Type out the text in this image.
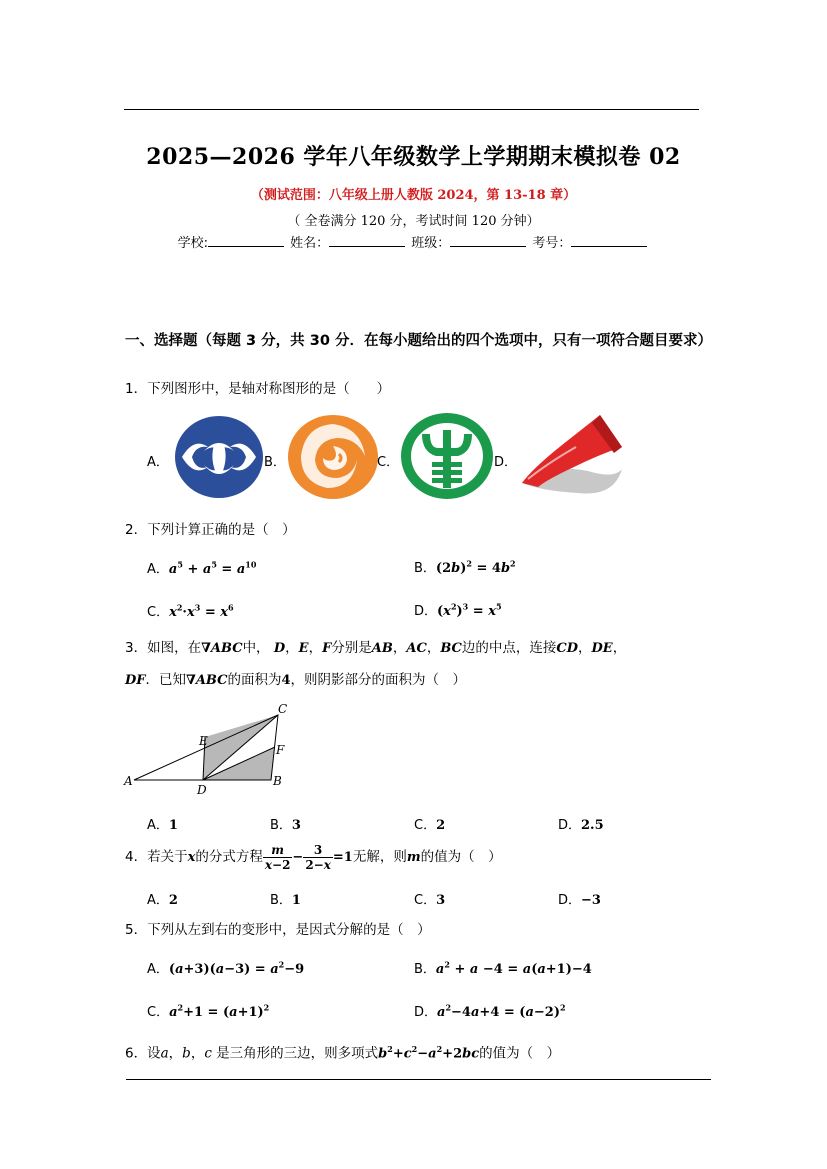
2025—2026 学年八年级数学上学期期末模拟卷 02
（测试范围：八年级上册人教版 2024，第 13-18 章）
（ 全卷满分 120 分，考试时间 120 分钟）
学校:	姓名：	班级：	考号：
一、选择题（每题 3 分，共 30 分．在每小题给出的四个选项中，只有一项符合题目要求）
1．下列图形中，是轴对称图形的是（　　）
A．	B．	C．	D．
2．下列计算正确的是（　）
A．$a^5 + a^5 = a^{10}$	B．$(2b)^2 = 4b^2$
C．$x^2\cdot x^3 = x^6$	D．$(x^2)^3 = x^5$
3．如图，在∇ABC中， D，E，F分别是AB，AC，BC边的中点，连接CD，DE，
DF．已知∇ABC的面积为4，则阴影部分的面积为（　）
A	B
C
D
E
F
A．1	B．3	C．2	D．2.5
4．若关于x的分式方程 $\frac{m}{x-2} - \frac{3}{2-x} =1$无解，则m的值为（　）
A．2	B．1	C．3	D．−3
5．下列从左到右的变形中，是因式分解的是（　）
A．$(a+3)(a-3) = a^2-9$	B．$a^2 + a -4 = a(a+1)-4$
C．$a^2+1 = (a+1)^2$	D．$a^2-4a+4 = (a-2)^2$
6．设a，b，c 是三角形的三边，则多项式$b^2+c^2-a^2+2bc$的值为（　）
